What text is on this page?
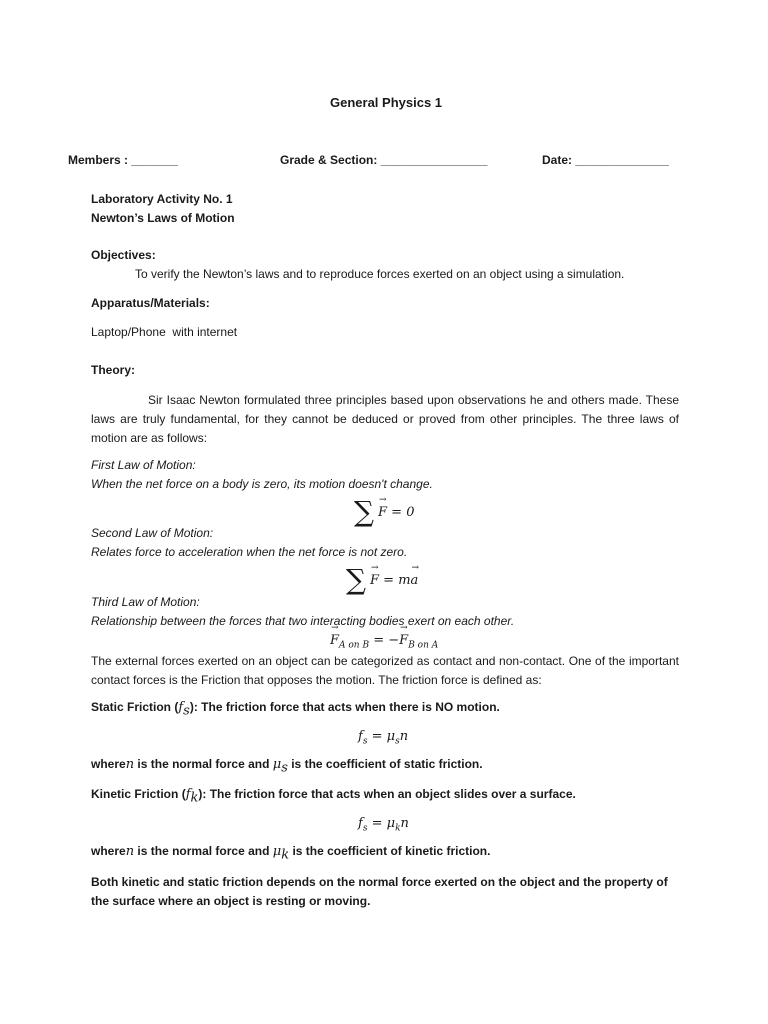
General Physics 1
Members : _______	Grade & Section: ________________	Date: ______________
Laboratory Activity No. 1
Newton’s Laws of Motion
Objectives:
To verify the Newton’s laws and to reproduce forces exerted on an object using a simulation.
Apparatus/Materials:
Laptop/Phone  with internet
Theory:
Sir Isaac Newton formulated three principles based upon observations he and others made. These laws are truly fundamental, for they cannot be deduced or proved from other principles. The three laws of motion are as follows:
First Law of Motion:
When the net force on a body is zero, its motion doesn't change.
∑ → F = 0
Second Law of Motion:
Relates force to acceleration when the net force is not zero.
∑ → F = m→ a
Third Law of Motion:
Relationship between the forces that two interacting bodies exert on each other.
→ $F_{A on B}$ = −→ $F_{B on A}$
The external forces exerted on an object can be categorized as contact and non-contact. One of the important contact forces is the Friction that opposes the motion. The friction force is defined as:
Static Friction $(f_s)$: The friction force that acts when there is NO motion.
$f_s = \mu_sn$
wheren is the normal force and $\mu_s$ is the coefficient of static friction.
Kinetic Friction $(f_k)$: The friction force that acts when an object slides over a surface.
$f_s = \mu_kn$
wheren is the normal force and $\mu_k$ is the coefficient of kinetic friction.
Both kinetic and static friction depends on the normal force exerted on the object and the property of the surface where an object is resting or moving.
